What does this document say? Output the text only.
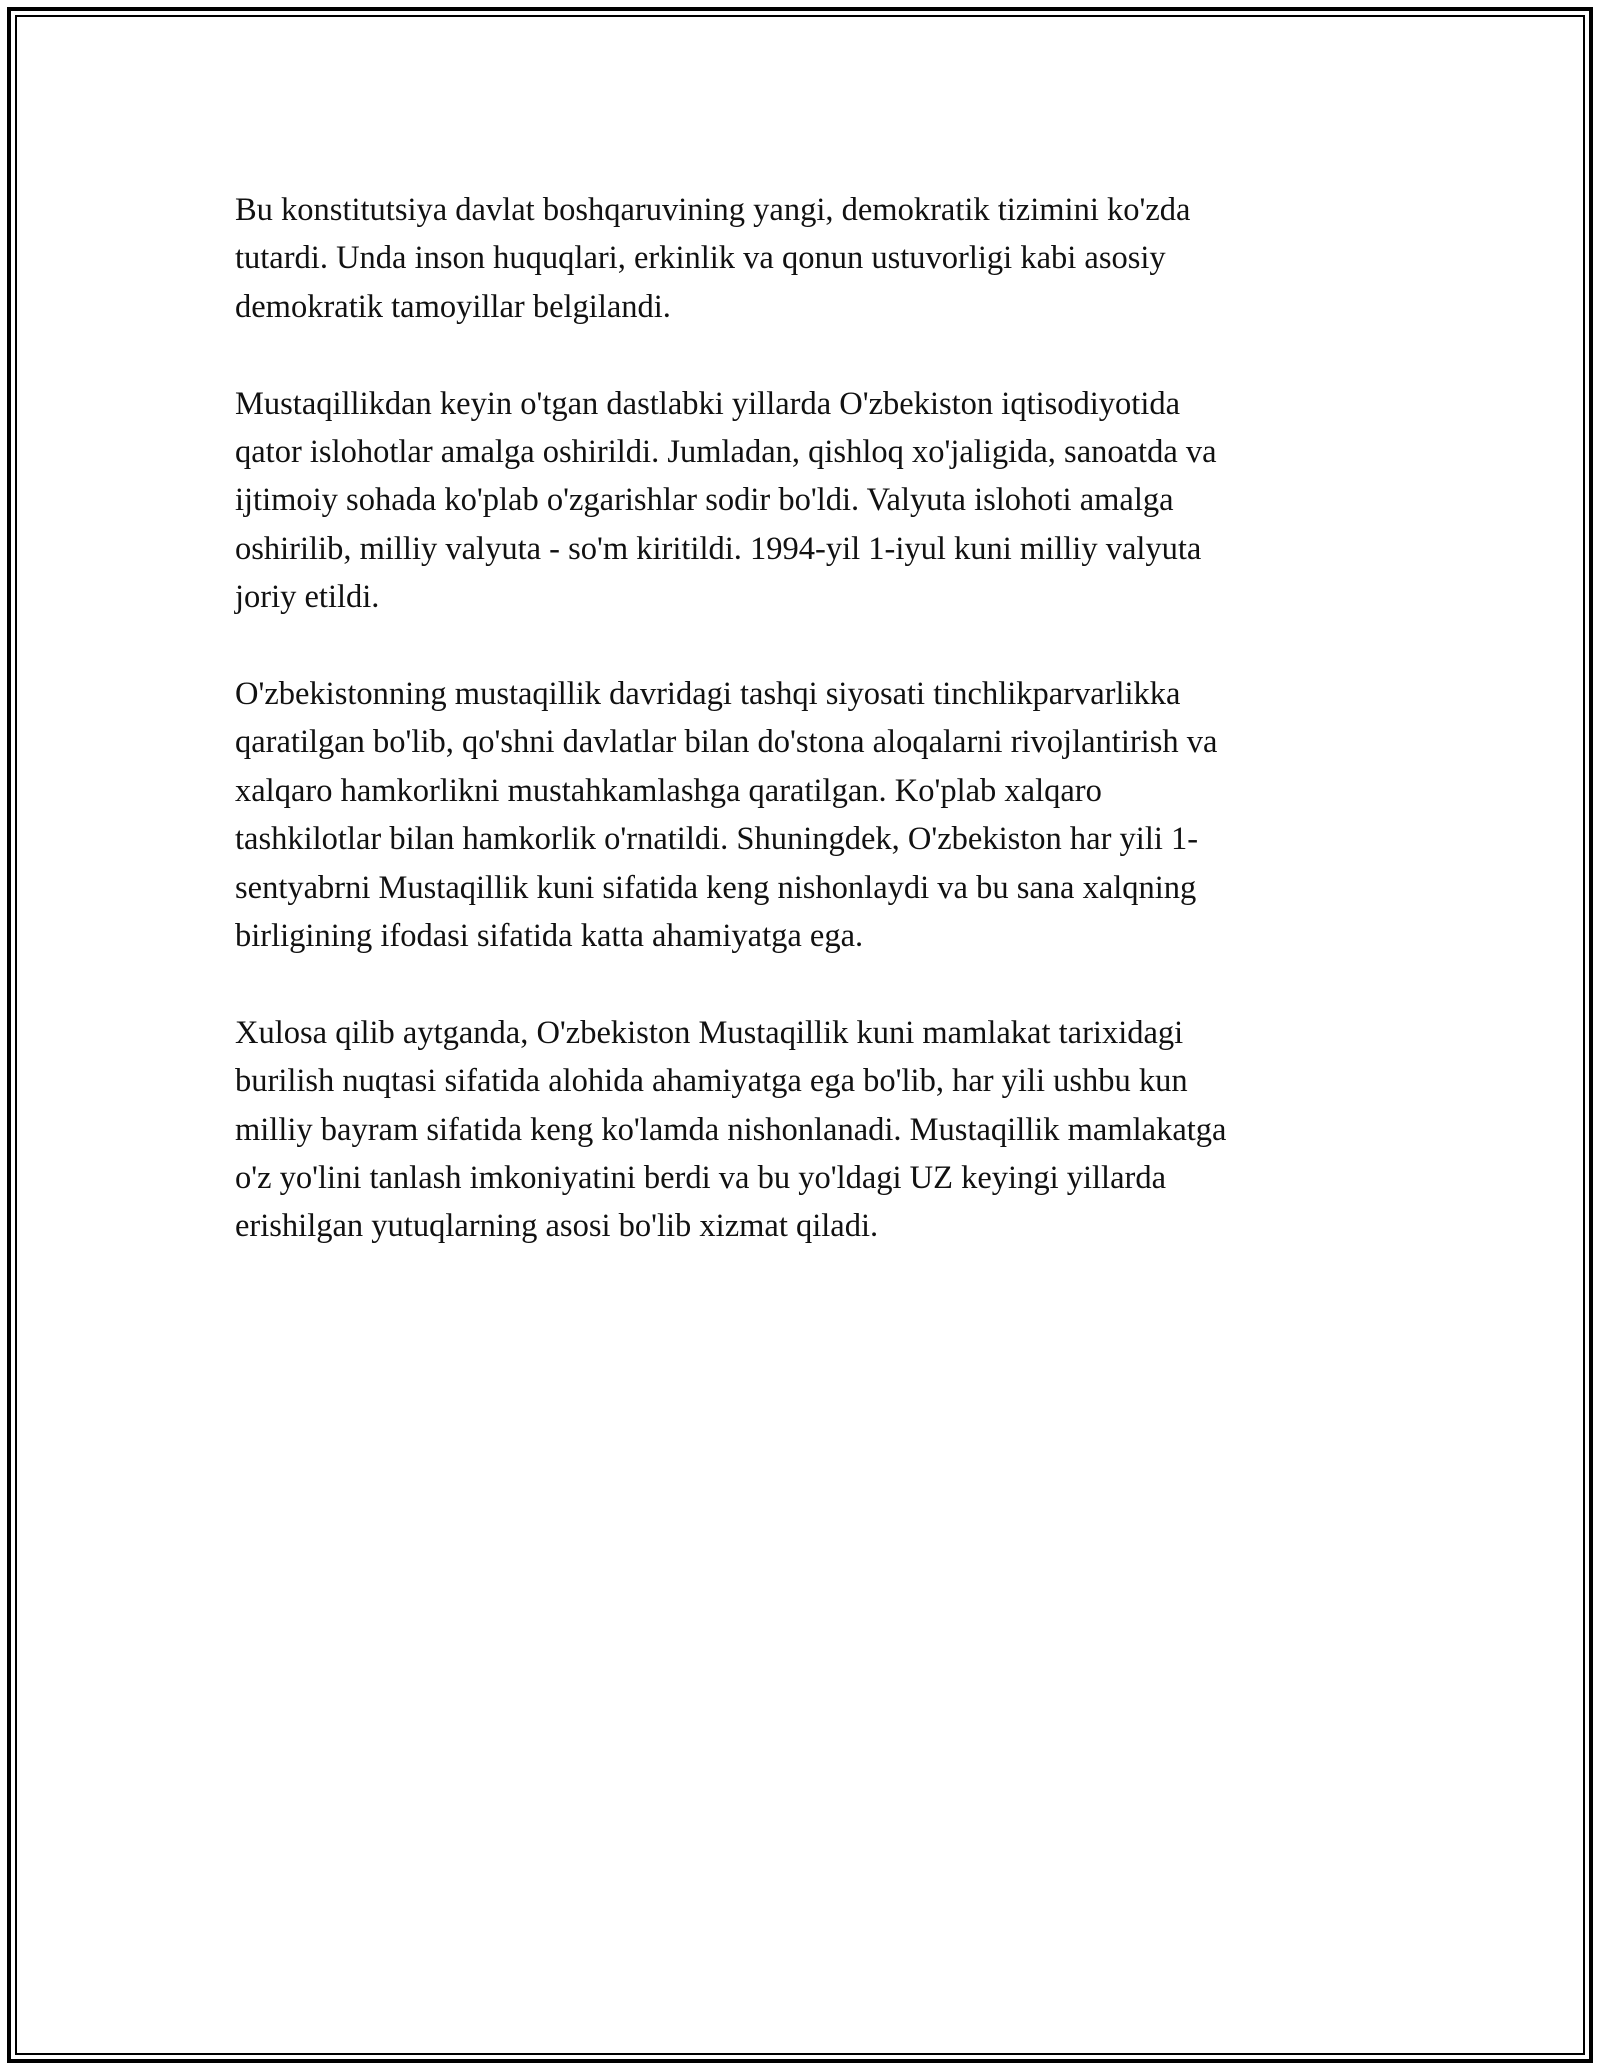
Bu konstitutsiya davlat boshqaruvining yangi, demokratik tizimini ko'zda
tutardi. Unda inson huquqlari, erkinlik va qonun ustuvorligi kabi asosiy
demokratik tamoyillar belgilandi.

Mustaqillikdan keyin o'tgan dastlabki yillarda O'zbekiston iqtisodiyotida
qator islohotlar amalga oshirildi. Jumladan, qishloq xo'jaligida, sanoatda va
ijtimoiy sohada ko'plab o'zgarishlar sodir bo'ldi. Valyuta islohoti amalga
oshirilib, milliy valyuta - so'm kiritildi. 1994-yil 1-iyul kuni milliy valyuta
joriy etildi.

O'zbekistonning mustaqillik davridagi tashqi siyosati tinchlikparvarlikka
qaratilgan bo'lib, qo'shni davlatlar bilan do'stona aloqalarni rivojlantirish va
xalqaro hamkorlikni mustahkamlashga qaratilgan. Ko'plab xalqaro
tashkilotlar bilan hamkorlik o'rnatildi. Shuningdek, O'zbekiston har yili 1-
sentyabrni Mustaqillik kuni sifatida keng nishonlaydi va bu sana xalqning
birligining ifodasi sifatida katta ahamiyatga ega.

Xulosa qilib aytganda, O'zbekiston Mustaqillik kuni mamlakat tarixidagi
burilish nuqtasi sifatida alohida ahamiyatga ega bo'lib, har yili ushbu kun
milliy bayram sifatida keng ko'lamda nishonlanadi. Mustaqillik mamlakatga
o'z yo'lini tanlash imkoniyatini berdi va bu yo'ldagi UZ keyingi yillarda
erishilgan yutuqlarning asosi bo'lib xizmat qiladi.
